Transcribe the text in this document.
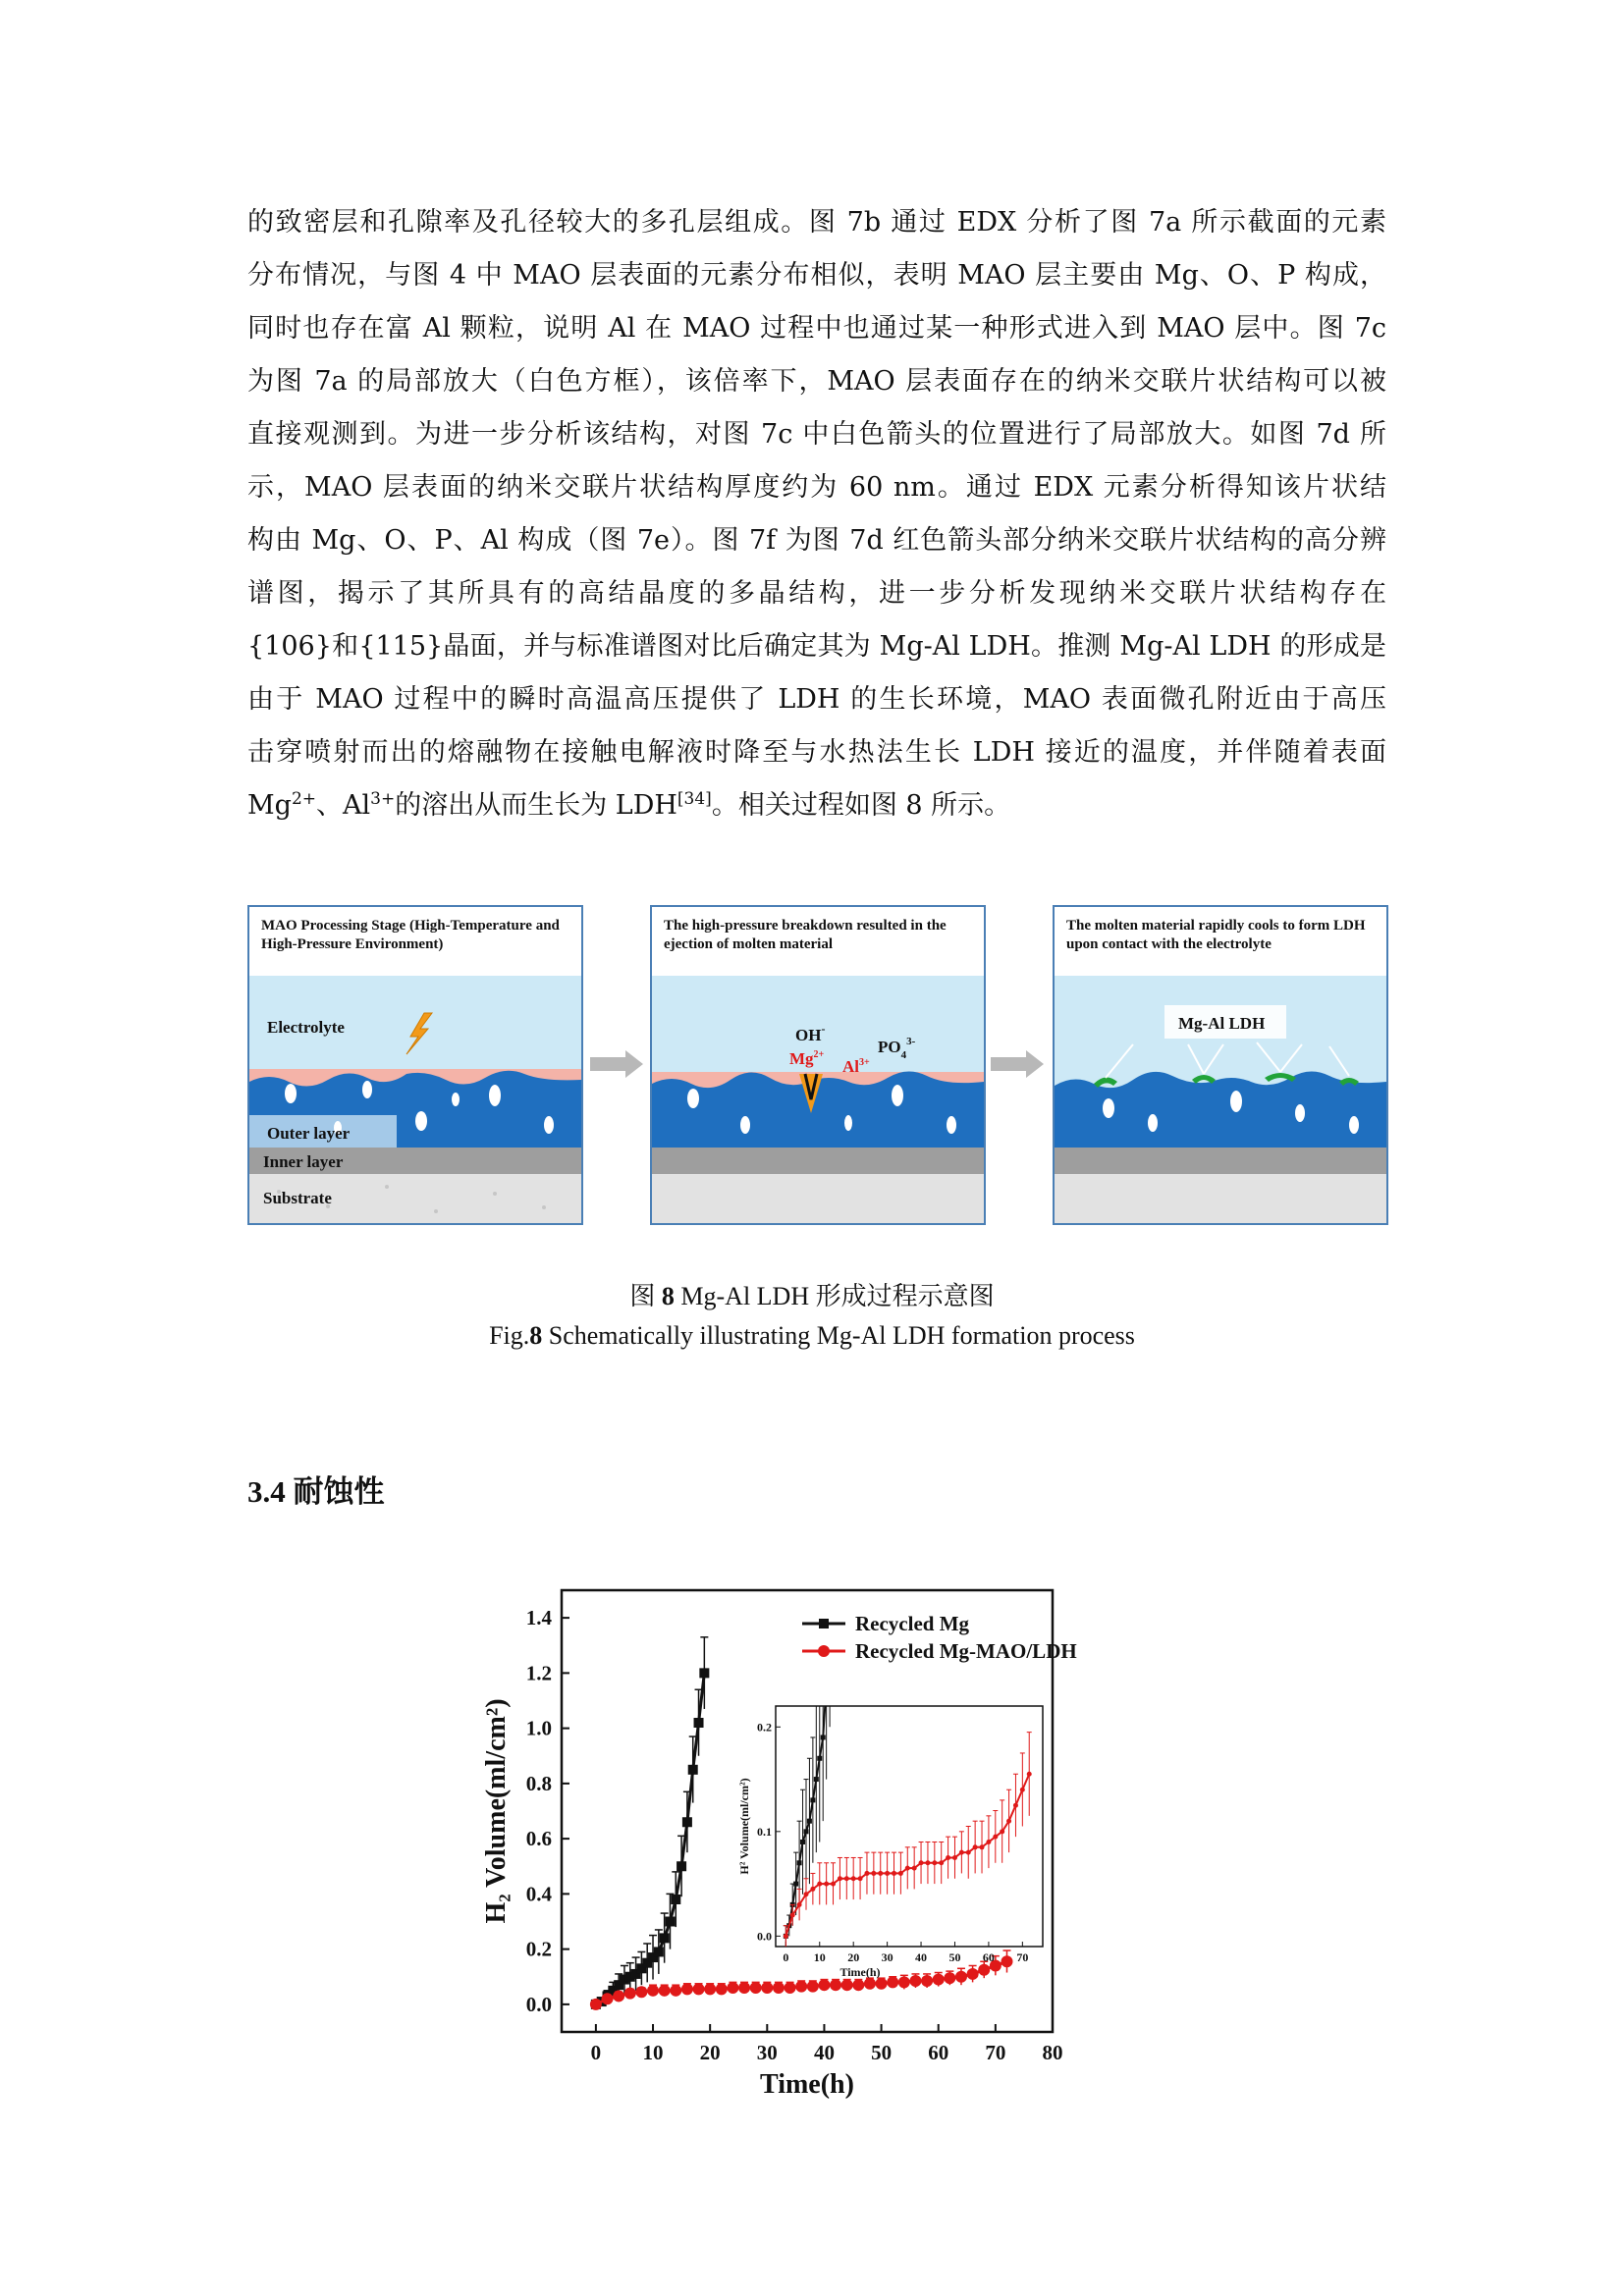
的致密层和孔隙率及孔径较大的多孔层组成。图 7b 通过 EDX 分析了图 7a 所示截面的元素
分布情况，与图 4 中 MAO 层表面的元素分布相似，表明 MAO 层主要由 Mg、O、P 构成，
同时也存在富 Al 颗粒，说明 Al 在 MAO 过程中也通过某一种形式进入到 MAO 层中。图 7c
为图 7a 的局部放大（白色方框），该倍率下，MAO 层表面存在的纳米交联片状结构可以被
直接观测到。为进一步分析该结构，对图 7c 中白色箭头的位置进行了局部放大。如图 7d 所
示，MAO 层表面的纳米交联片状结构厚度约为 60 nm。通过 EDX 元素分析得知该片状结
构由 Mg、O、P、Al 构成（图 7e）。图 7f 为图 7d 红色箭头部分纳米交联片状结构的高分辨
谱图，揭示了其所具有的高结晶度的多晶结构，进一步分析发现纳米交联片状结构存在
{106}和{115}晶面，并与标准谱图对比后确定其为 Mg-Al LDH。推测 Mg-Al LDH 的形成是
由于 MAO 过程中的瞬时高温高压提供了 LDH 的生长环境，MAO 表面微孔附近由于高压
击穿喷射而出的熔融物在接触电解液时降至与水热法生长 LDH 接近的温度，并伴随着表面
$Mg^{2+}$、$Al^{3+}$的溶出从而生长为 LDH[34]。相关过程如图 8 所示。
Electrolyte
Outer layer
Inner layer
Substrate
MAO Processing Stage (High-Temperature and High-Pressure Environment)
OH-
$Mg^{2+}$
$Al^{3+}$
$PO_4^{3-}$
The high-pressure breakdown resulted in the ejection of molten material
Mg-Al LDH
The molten material rapidly cools to form LDH upon contact with the electrolyte
图 8 Mg-Al LDH 形成过程示意图
Fig.8 Schematically illustrating Mg-Al LDH formation process
3.4 耐蚀性
0 10 20 30 40 50 60 70 80
0.0
0.2
0.4
0.6
0.8
1.0
1.2
1.4
Time(h)
H₂ Volume(ml/cm²)
Recycled Mg
Recycled Mg-MAO/LDH
0 10 20 30 40 50 60 70
0.0
0.1
0.2
Time(h)
H² Volume(ml/cm²)
